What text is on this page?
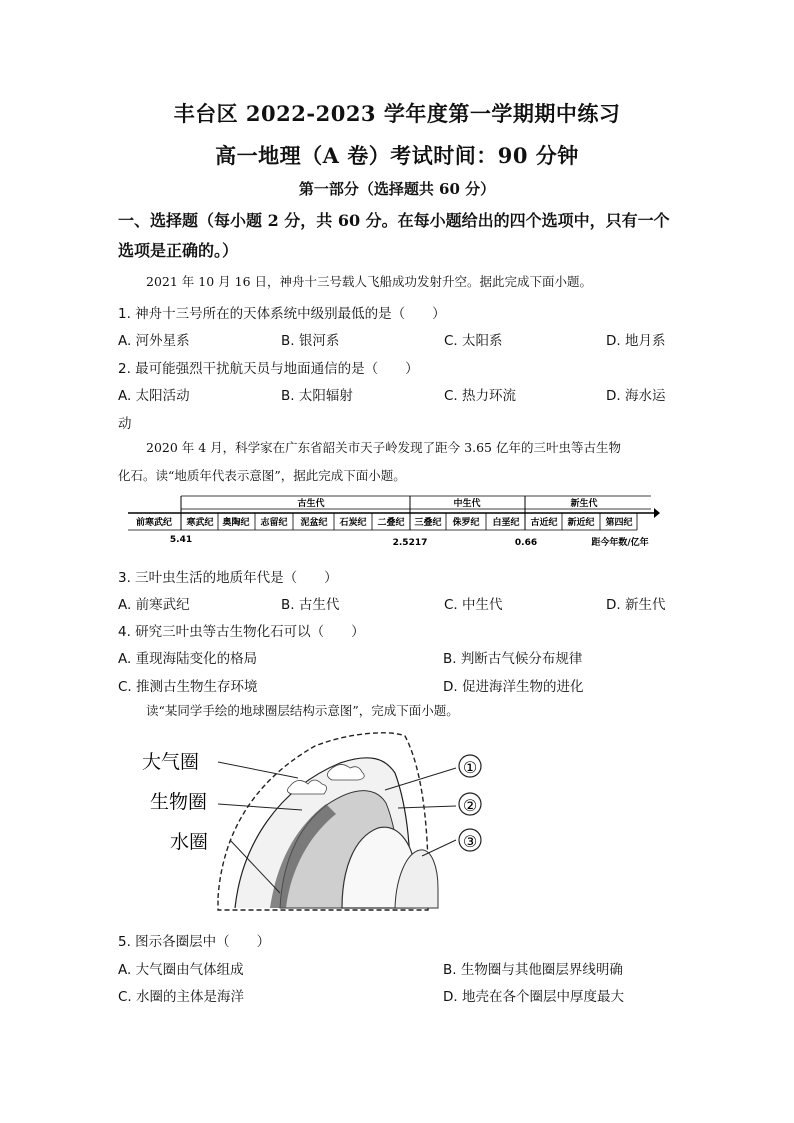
丰台区 2022-2023 学年度第一学期期中练习
高一地理（A 卷）考试时间：90 分钟
第一部分（选择题共 60 分）
一、选择题（每小题 2 分，共 60 分。在每小题给出的四个选项中，只有一个
选项是正确的。）
2021 年 10 月 16 日，神舟十三号载人飞船成功发射升空。据此完成下面小题。
1. 神舟十三号所在的天体系统中级别最低的是（　　）
A. 河外星系	B. 银河系	C. 太阳系	D. 地月系
2. 最可能强烈干扰航天员与地面通信的是（　　）
A. 太阳活动	B. 太阳辐射	C. 热力环流	D. 海水运
动
2020 年 4 月，科学家在广东省韶关市天子岭发现了距今 3.65 亿年的三叶虫等古生物
化石。读“地质年代表示意图”，据此完成下面小题。
古生代	中生代	新生代
前寒武纪 寒武纪 奥陶纪 志留纪 泥盆纪 石炭纪 二叠纪 三叠纪 侏罗纪 白垩纪 古近纪 新近纪 第四纪
5.41	2.5217	0.66	距今年数/亿年
3. 三叶虫生活的地质年代是（　　）
A. 前寒武纪	B. 古生代	C. 中生代	D. 新生代
4. 研究三叶虫等古生物化石可以（　　）
A. 重现海陆变化的格局	B. 判断古气候分布规律
C. 推测古生物生存环境	D. 促进海洋生物的进化
读“某同学手绘的地球圈层结构示意图”，完成下面小题。
大气圈
生物圈
水圈
①
②
③
5. 图示各圈层中（　　）
A. 大气圈由气体组成	B. 生物圈与其他圈层界线明确
C. 水圈的主体是海洋	D. 地壳在各个圈层中厚度最大
